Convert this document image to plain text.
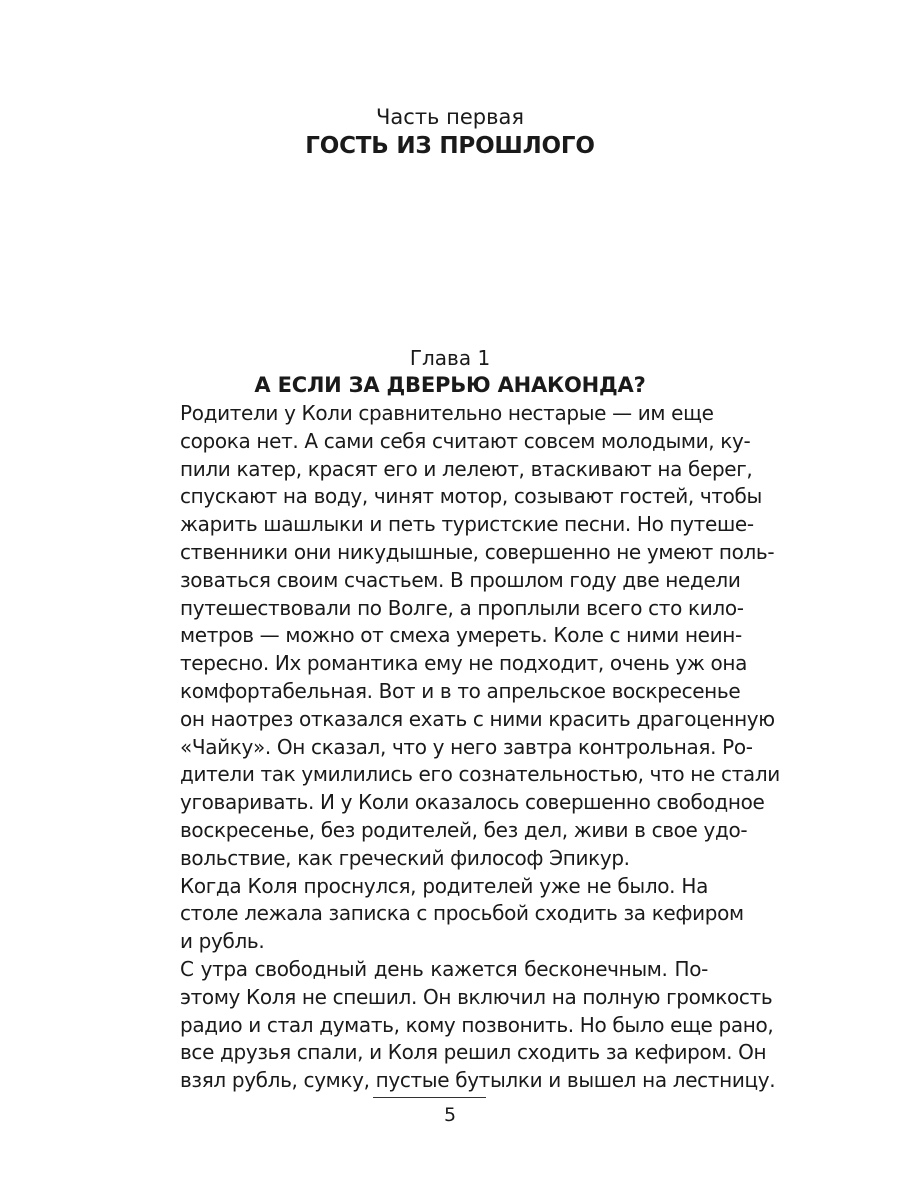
Часть первая
ГОСТЬ ИЗ ПРОШЛОГО
Глава 1
А ЕСЛИ ЗА ДВЕРЬЮ АНАКОНДА?

Родители у Коли сравнительно нестарые — им еще
сорока нет. А сами себя считают совсем молодыми, ку-
пили катер, красят его и лелеют, втаскивают на берег,
спускают на воду, чинят мотор, созывают гостей, чтобы
жарить шашлыки и петь туристские песни. Но путеше-
ственники они никудышные, совершенно не умеют поль-
зоваться своим счастьем. В прошлом году две недели
путешествовали по Волге, а проплыли всего сто кило-
метров — можно от смеха умереть. Коле с ними неин-
тересно. Их романтика ему не подходит, очень уж она
комфортабельная. Вот и в то апрельское воскресенье
он наотрез отказался ехать с ними красить драгоценную
«Чайку». Он сказал, что у него завтра контрольная. Ро-
дители так умилились его сознательностью, что не стали
уговаривать. И у Коли оказалось совершенно свободное
воскресенье, без родителей, без дел, живи в свое удо-
вольствие, как греческий философ Эпикур.

Когда Коля проснулся, родителей уже не было. На
столе лежала записка с просьбой сходить за кефиром
и рубль.

С утра свободный день кажется бесконечным. По-
этому Коля не спешил. Он включил на полную громкость
радио и стал думать, кому позвонить. Но было еще рано,
все друзья спали, и Коля решил сходить за кефиром. Он
взял рубль, сумку, пустые бутылки и вышел на лестницу.

5
